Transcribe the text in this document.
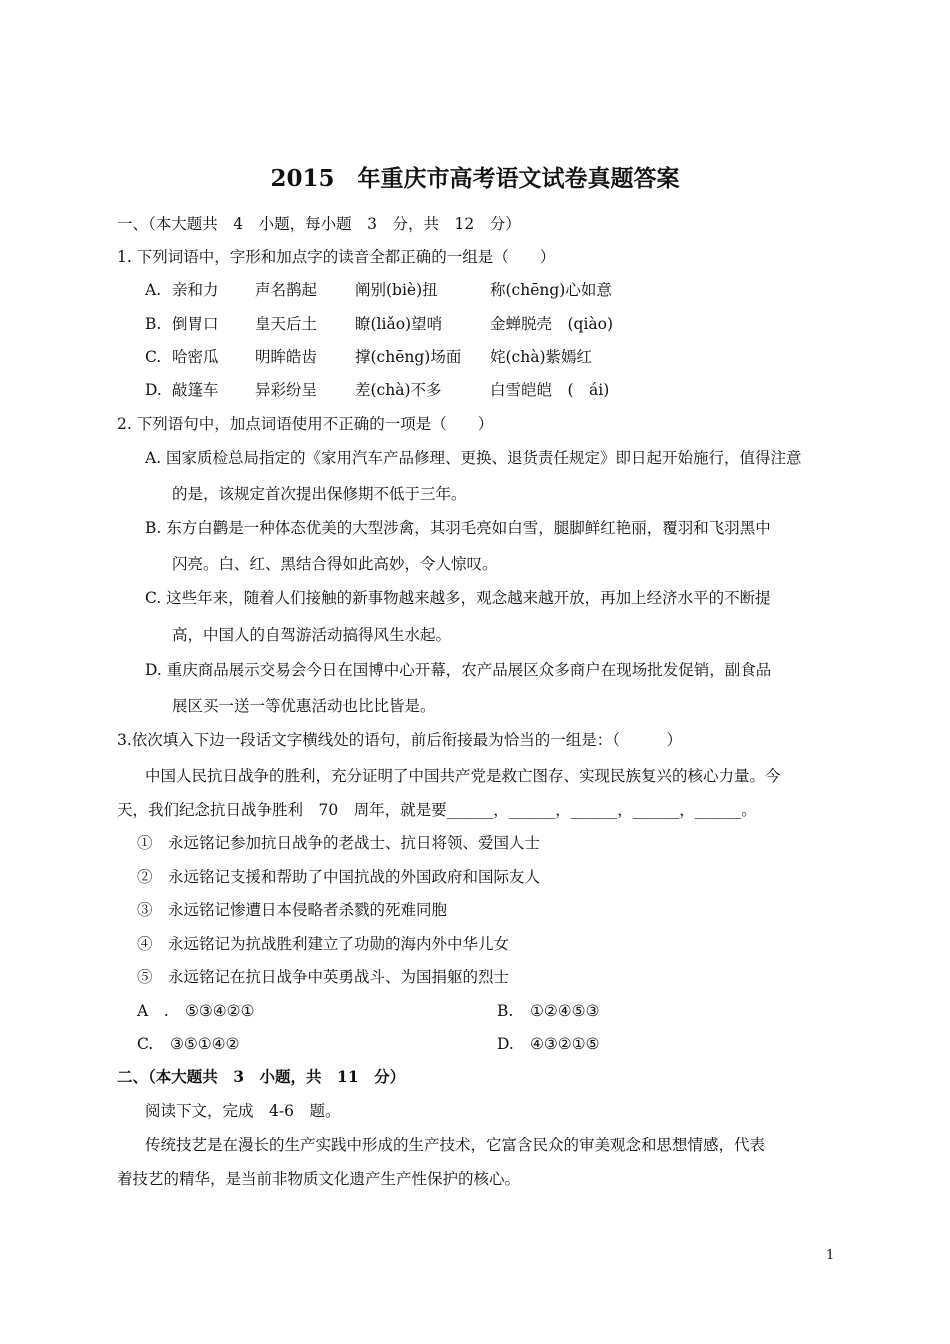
2015　年重庆市高考语文试卷真题答案
一、（本大题共　4　小题，每小题　3　分，共　12　分）
1. 下列词语中，字形和加点字的读音全都正确的一组是（　　）
A. 亲和力 声名鹊起 阐别(biè)扭	称(chēng)心如意
B. 倒胃口 皇天后土 瞭(liǎo)望哨	金蝉脱壳　(qiào)
C. 哈密瓜 明眸皓齿 撑(chēng)场面 姹(chà)紫嫣红
D. 敲篷车 异彩纷呈 差(chà)不多	白雪皑皑　(　ái)
2. 下列语句中，加点词语使用不正确的一项是（　　）
A. 国家质检总局指定的《家用汽车产品修理、更换、退货责任规定》即日起开始施行，值得注意
的是，该规定首次提出保修期不低于三年。
B. 东方白鹳是一种体态优美的大型涉禽，其羽毛亮如白雪，腿脚鲜红艳丽，覆羽和飞羽黑中
闪亮。白、红、黑结合得如此高妙，令人惊叹。
C. 这些年来，随着人们接触的新事物越来越多，观念越来越开放，再加上经济水平的不断提
高，中国人的自驾游活动搞得风生水起。
D. 重庆商品展示交易会今日在国博中心开幕，农产品展区众多商户在现场批发促销，副食品
展区买一送一等优惠活动也比比皆是。
3.依次填入下边一段话文字横线处的语句，前后衔接最为恰当的一组是：（　　　）
中国人民抗日战争的胜利，充分证明了中国共产党是救亡图存、实现民族复兴的核心力量。今
天，我们纪念抗日战争胜利　70　周年，就是要______，______，______，______，______。
①　永远铭记参加抗日战争的老战士、抗日将领、爱国人士
②　永远铭记支援和帮助了中国抗战的外国政府和国际友人
③　永远铭记惨遭日本侵略者杀戮的死难同胞
④　永远铭记为抗战胜利建立了功勋的海内外中华儿女
⑤　永远铭记在抗日战争中英勇战斗、为国捐躯的烈士
A　. ⑤③④②①	B. ①②④⑤③
C. ③⑤①④②	D. ④③②①⑤
二、（本大题共　3　小题，共　11　分）
阅读下文，完成　4-6　题。
传统技艺是在漫长的生产实践中形成的生产技术，它富含民众的审美观念和思想情感，代表
着技艺的精华，是当前非物质文化遗产生产性保护的核心。
1
